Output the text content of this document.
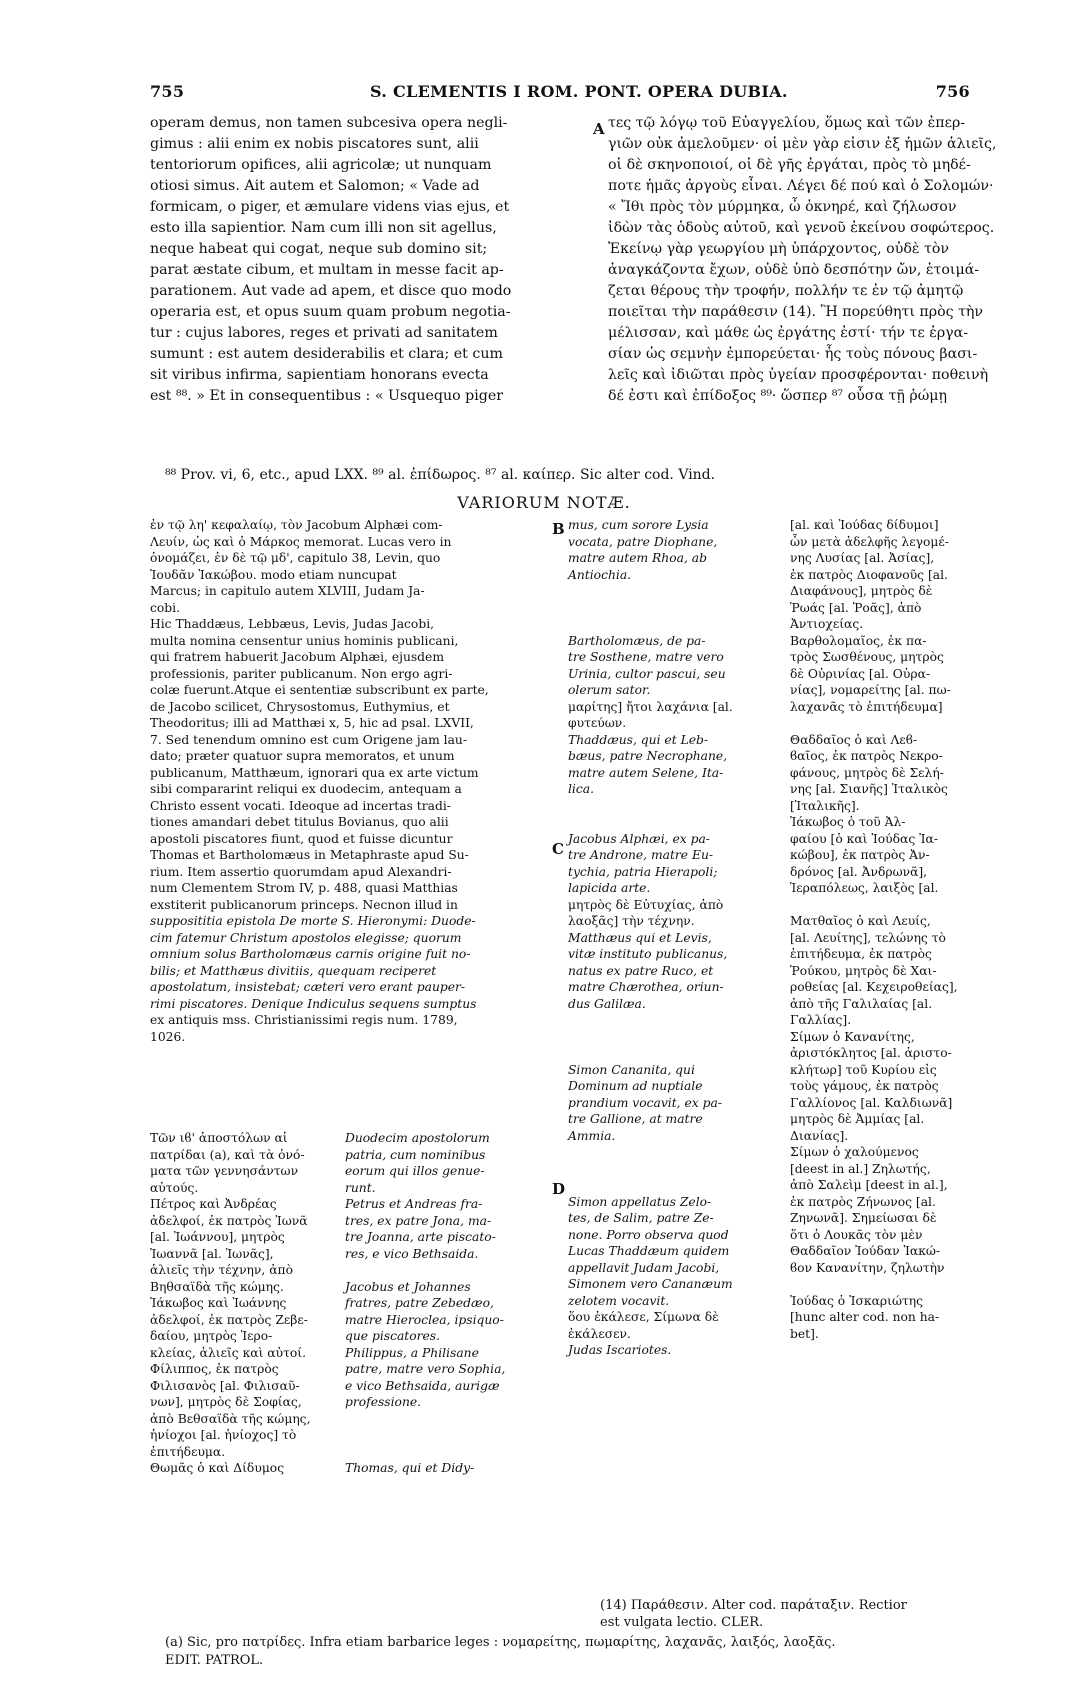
755	S. CLEMENTIS I ROM. PONT. OPERA DUBIA.	756
operam demus, non tamen subcesiva opera negli-
gimus : alii enim ex nobis piscatores sunt, alii
tentoriorum opifices, alii agricolæ; ut nunquam
otiosi simus. Ait autem et Salomon; « Vade ad
formicam, o piger, et æmulare videns vias ejus, et
esto illa sapientior. Nam cum illi non sit agellus,
neque habeat qui cogat, neque sub domino sit;
parat æstate cibum, et multam in messe facit ap-
parationem. Aut vade ad apem, et disce quo modo
operaria est, et opus suum quam probum negotia-
tur : cujus labores, reges et privati ad sanitatem
sumunt : est autem desiderabilis et clara; et cum
sit viribus infirma, sapientiam honorans evecta
est ⁸⁸. » Et in consequentibus : « Usquequo piger
τες τῷ λόγῳ τοῦ Εὐαγγελίου, ὅμως καὶ τῶν ἐπερ-
γιῶν οὐκ ἀμελοῦμεν· οἱ μὲν γὰρ εἰσιν ἐξ ἡμῶν ἁλιεῖς,
οἱ δὲ σκηνοποιοί, οἱ δὲ γῆς ἐργάται, πρὸς τὸ μηδέ-
ποτε ἡμᾶς ἀργοὺς εἶναι. Λέγει δέ πού καὶ ὁ Σολομών·
« Ἴθι πρὸς τὸν μύρμηκα, ὦ ὀκνηρέ, καὶ ζήλωσον
ἰδὼν τὰς ὁδοὺς αὐτοῦ, καὶ γενοῦ ἐκείνου σοφώτερος.
Ἐκείνῳ γὰρ γεωργίου μὴ ὑπάρχοντος, οὐδὲ τὸν
ἀναγκάζοντα ἔχων, οὐδὲ ὑπὸ δεσπότην ὤν, ἑτοιμά-
ζεται θέρους τὴν τροφήν, πολλήν τε ἐν τῷ ἀμητῷ
ποιεῖται τὴν παράθεσιν (14). Ἢ πορεύθητι πρὸς τὴν
μέλισσαν, καὶ μάθε ὡς ἐργάτης ἐστί· τήν τε ἐργα-
σίαν ὡς σεμνὴν ἐμπορεύεται· ἧς τοὺς πόνους βασι-
λεῖς καὶ ἰδιῶται πρὸς ὑγείαν προσφέρονται· ποθεινὴ
δέ ἐστι καὶ ἐπίδοξος ⁸⁹· ὥσπερ ⁸⁷ οὖσα τῇ ῥώμῃ
A
⁸⁸ Prov. vi, 6, etc., apud LXX. ⁸⁹ al. ἐπίδωρος. ⁸⁷ al. καίπερ. Sic alter cod. Vind.
VARIORUM NOTÆ.
ἐν τῷ λη' κεφαλαίῳ, τὸν Jacobum Alphæi com-
Λευίν, ὡς καὶ ὁ Μάρκος memorat. Lucas vero in
ὀνομάζει, ἐν δὲ τῷ μδ', capitulo 38, Levin, quo
Ἰουδᾶν Ἰακώβου. modo etiam nuncupat
Marcus; in capitulo autem XLVIII, Judam Ja-
cobi.
Hic Thaddæus, Lebbæus, Levis, Judas Jacobi,
multa nomina censentur unius hominis publicani,
qui fratrem habuerit Jacobum Alphæi, ejusdem
professionis, pariter publicanum. Non ergo agri-
colæ fuerunt.Atque ei sententiæ subscribunt ex parte,
de Jacobo scilicet, Chrysostomus, Euthymius, et
Theodoritus; illi ad Matthæi x, 5, hic ad psal. LXVII,
7. Sed tenendum omnino est cum Origene jam lau-
dato; præter quatuor supra memoratos, et unum
publicanum, Matthæum, ignorari qua ex arte victum
sibi compararint reliqui ex duodecim, antequam a
Christo essent vocati. Ideoque ad incertas tradi-
tiones amandari debet titulus Bovianus, quo alii
apostoli piscatores fiunt, quod et fuisse dicuntur
Thomas et Bartholomæus in Metaphraste apud Su-
rium. Item assertio quorumdam apud Alexandri-
num Clementem Strom IV, p. 488, quasi Matthias
exstiterit publicanorum princeps. Necnon illud in
supposititia epistola De morte S. Hieronymi: Duode-
cim fatemur Christum apostolos elegisse; quorum
omnium solus Bartholomæus carnis origine fuit no-
bilis; et Matthæus divitiis, quequam reciperet
apostolatum, insistebat; cæteri vero erant pauper-
rimi piscatores. Denique Indiculus sequens sumptus
ex antiquis mss. Christianissimi regis num. 1789,
1026.
Τῶν ιϐ' ἀποστόλων αἱ
πατρίδαι (a), καὶ τὰ ὀνό-
ματα τῶν γεννησάντων
αὐτούς.
Πέτρος καὶ Ἀνδρέας
ἀδελφοί, ἐκ πατρὸς Ἰωνᾶ
[al. Ἰωάννου], μητρὸς
Ἰωαννᾶ [al. Ἰωνᾶς],
ἁλιεῖς τὴν τέχνην, ἀπὸ
Βηθσαϊδὰ τῆς κώμης.
Ἰάκωβος καὶ Ἰωάννης
ἀδελφοί, ἐκ πατρὸς Ζεβε-
δαίου, μητρὸς Ἱερο-
κλείας, ἁλιεῖς καὶ αὐτοί.
Φίλιππος, ἐκ πατρὸς
Φιλισανὸς [al. Φιλισαῦ-
νων], μητρὸς δὲ Σοφίας,
ἀπὸ Βεθσαϊδὰ τῆς κώμης,
ἡνίοχοι [al. ἡνίοχος] τὸ
ἐπιτήδευμα.
Θωμᾶς ὁ καὶ Δίδυμος
Duodecim apostolorum
patria, cum nominibus
eorum qui illos genue-
runt.
Petrus et Andreas fra-
tres, ex patre Jona, ma-
tre Joanna, arte piscato-
res, e vico Bethsaida.

Jacobus et Johannes
fratres, patre Zebedæo,
matre Hieroclea, ipsiquo-
que piscatores.
Philippus, a Philisane
patre, matre vero Sophia,
e vico Bethsaida, aurigæ
professione.

Thomas, qui et Didy-
mus, cum sorore Lysia
vocata, patre Diophane,
matre autem Rhoa, ab
Antiochia.

Bartholomæus, de pa-
tre Sosthene, matre vero
Urinia, cultor pascui, seu
olerum sator.
μαρίτης] ἤτοι λαχάνια [al.
φυτεύων.
Thaddæus, qui et Leb-
bæus, patre Necrophane,
matre autem Selene, Ita-
lica.

Jacobus Alphæi, ex pa-
tre Androne, matre Eu-
tychia, patria Hierapoli;
lapicida arte.
μητρὸς δὲ Εὐτυχίας, ἀπὸ
λαοξᾶς] τὴν τέχνην.
Matthæus qui et Levis,
vitæ instituto publicanus,
natus ex patre Ruco, et
matre Chærothea, oriun-
dus Galilæa.

Simon Cananita, qui
Dominum ad nuptiale
prandium vocavit, ex pa-
tre Gallione, at matre
Ammia.

Simon appellatus Zelo-
tes, de Salim, patre Ze-
none. Porro observa quod
Lucas Thaddæum quidem
appellavit Judam Jacobi,
Simonem vero Cananæum
zelotem vocavit.
ὅου ἐκάλεσε, Σίμωνα δὲ
ἐκάλεσεν.
Judas Iscariotes.
[al. καὶ Ἰούδας δίδυμοι]
ὧν μετὰ ἀδελφῆς λεγομέ-
νης Λυσίας [al. Ἀσίας],
ἐκ πατρὸς Διοφανοῦς [al.
Διαφάνους], μητρὸς δὲ
Ῥωάς [al. Ῥοᾶς], ἀπὸ
Ἀντιοχείας.
Βαρθολομαῖος, ἐκ πα-
τρὸς Σωσθένους, μητρὸς
δὲ Οὐρινίας [al. Οὐρα-
νίας], νομαρείτης [al. πω-
λαχανᾶς τὸ ἐπιτήδευμα]

Θαδδαῖος ὁ καὶ Λεϐ-
ϐαῖος, ἐκ πατρὸς Νεκρο-
φάνους, μητρὸς δὲ Σελή-
νης [al. Σιανῆς] Ἰταλικὸς
[Ἰταλικῆς].
Ἰάκωβος ὁ τοῦ Ἀλ-
φαίου [ὁ καὶ Ἰούδας Ἰα-
κώβου], ἐκ πατρὸς Ἀν-
δρόνος [al. Ἀνδρωνᾶ],
Ἱεραπόλεως, λαιξὸς [al.

Ματθαῖος ὁ καὶ Λευίς,
[al. Λευίτης], τελώνης τὸ
ἐπιτήδευμα, ἐκ πατρὸς
Ῥούκου, μητρὸς δὲ Χαι-
ροθείας [al. Κεχειροθείας],
ἀπὸ τῆς Γαλιλαίας [al.
Γαλλίας].
Σίμων ὁ Κανανίτης,
ἀριστόκλητος [al. ἀριστο-
κλήτωρ] τοῦ Κυρίου εἰς
τοὺς γάμους, ἐκ πατρὸς
Γαλλίονος [al. Καλδιωνᾶ]
μητρὸς δὲ Ἀμμίας [al.
Διανίας].
Σίμων ὁ χαλούμενος
[deest in al.] Ζηλωτής,
ἀπὸ Σαλεὶμ [deest in al.],
ἐκ πατρὸς Ζήνωνος [al.
Ζηνωνᾶ]. Σημείωσαι δὲ
ὅτι ὁ Λουκᾶς τὸν μὲν
Θαδδαῖον Ἰούδαν Ἰακώ-
ϐον Κανανίτην, ζηλωτὴν

Ἰούδας ὁ Ἰσκαριώτης
[hunc alter cod. non ha-
bet].
B
C
D
(14) Παράθεσιν. Alter cod. παράταξιν. Rectior
est vulgata lectio. CLER.
(a) Sic, pro πατρίδες. Infra etiam barbarice leges : νομαρείτης, πωμαρίτης, λαχανᾶς, λαιξός, λαοξᾶς.
EDIT. PATROL.
